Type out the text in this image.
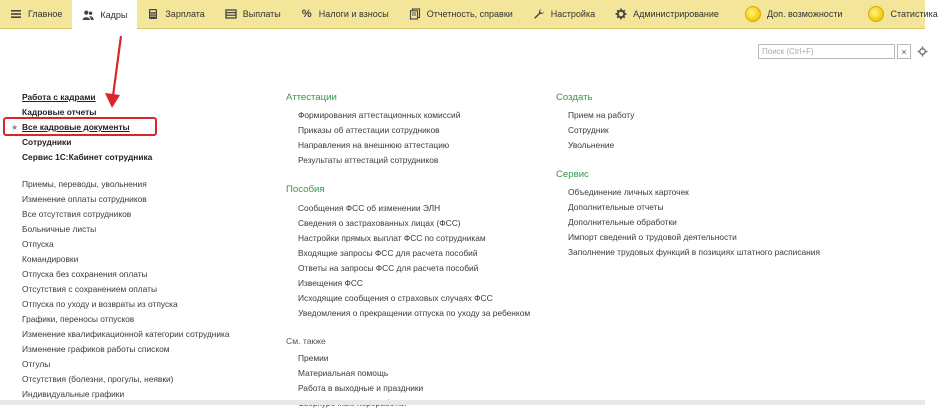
Главное	Кадры	Зарплата	Выплаты % Налоги и взносы	Отчетность, справки	Настройка	Администрирование	Доп. возможности	Статистика
Поиск (Ctrl+F)
×
Работа с кадрами
Кадровые отчеты
★ Все кадровые документы
Сотрудники
Сервис 1С:Кабинет сотрудника
Приемы, переводы, увольнения
Изменение оплаты сотрудников
Все отсутствия сотрудников
Больничные листы
Отпуска
Командировки
Отпуска без сохранения оплаты
Отсутствия с сохранением оплаты
Отпуска по уходу и возвраты из отпуска
Графики, переносы отпусков
Изменение квалификационной категории сотрудника
Изменение графиков работы списком
Отгулы
Отсутствия (болезни, прогулы, неявки)
Индивидуальные графики
Аттестации
Формирования аттестационных комиссий
Приказы об аттестации сотрудников
Направления на внешнюю аттестацию
Результаты аттестаций сотрудников
Пособия
Сообщения ФСС об изменении ЭЛН
Сведения о застрахованных лицах (ФСС)
Настройки прямых выплат ФСС по сотрудникам
Входящие запросы ФСС для расчета пособий
Ответы на запросы ФСС для расчета пособий
Извещения ФСС
Исходящие сообщения о страховых случаях ФСС
Уведомления о прекращении отпуска по уходу за ребенком
См. также
Премии
Материальная помощь
Работа в выходные и праздники
Создать
Прием на работу
Сотрудник
Увольнение
Сервис
Объединение личных карточек
Дополнительные отчеты
Дополнительные обработки
Импорт сведений о трудовой деятельности
Заполнение трудовых функций в позициях штатного расписания
